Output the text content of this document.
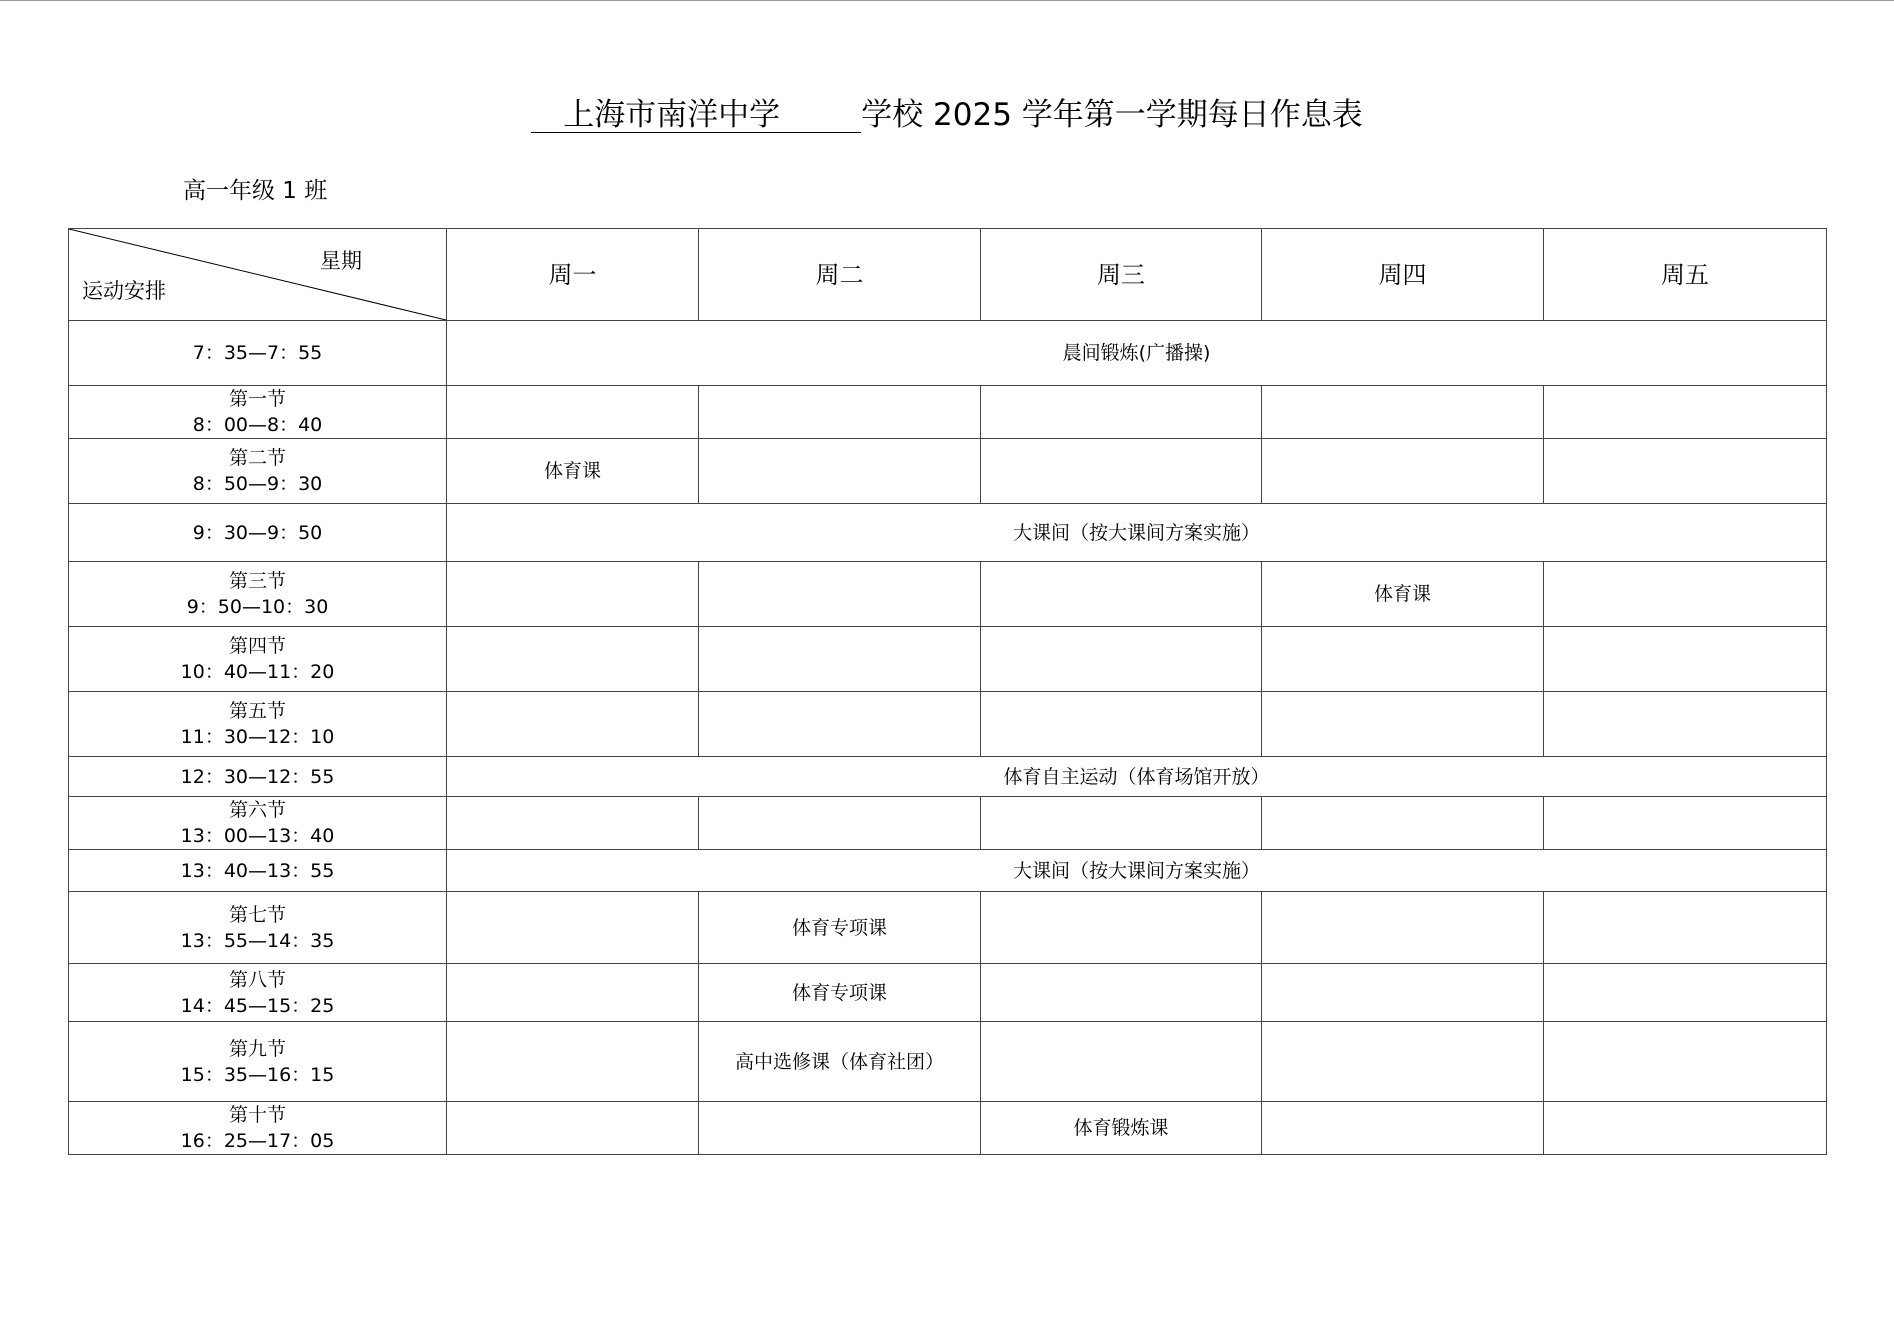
上海市南洋中学	学校 2025 学年第一学期每日作息表
高一年级 1 班
星期
运动安排	周一	周二	周三	周四	周五

7：35—7：55	晨间锻炼(广播操)				

第一节
8：00—8：40					

第二节
8：50—9：30	体育课				

9：30—9：50	大课间（按大课间方案实施）				

第三节
9：50—10：30				体育课	

第四节
10：40—11：20					

第五节
11：30—12：10					

12：30—12：55	体育自主运动（体育场馆开放）				

第六节
13：00—13：40					

13：40—13：55	大课间（按大课间方案实施）				

第七节
13：55—14：35		体育专项课			

第八节
14：45—15：25		体育专项课			

第九节
15：35—16：15		高中选修课（体育社团）			

第十节
16：25—17：05			体育锻炼课		
